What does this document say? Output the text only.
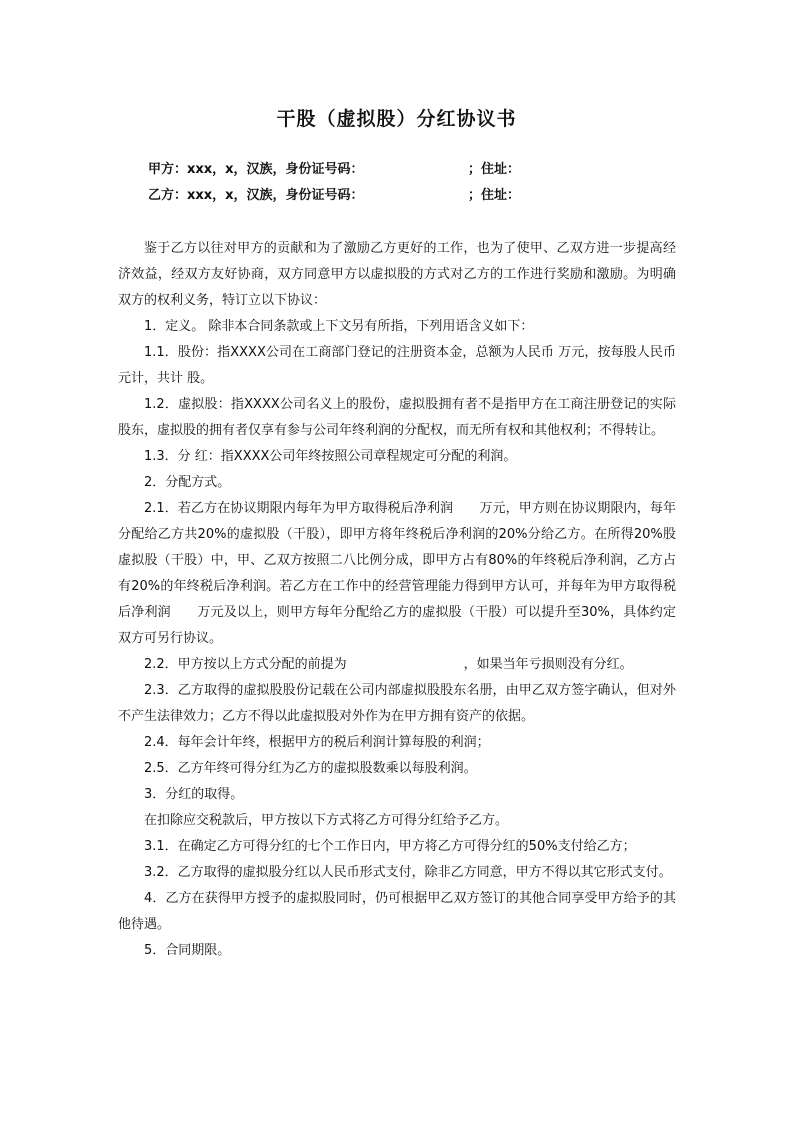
干股（虚拟股）分红协议书
甲方：xxx，x，汉族，身份证号码：	；住址：
乙方：xxx，x，汉族，身份证号码：	；住址：

鉴于乙方以往对甲方的贡献和为了激励乙方更好的工作，也为了使甲、乙双方进一步提高经济效益，经双方友好协商，双方同意甲方以虚拟股的方式对乙方的工作进行奖励和激励。为明确双方的权利义务，特订立以下协议：

1．定义。 除非本合同条款或上下文另有所指，下列用语含义如下：

1.1．股份：指XXXX公司在工商部门登记的注册资本金，总额为人民币 万元，按每股人民币 元计，共计 股。

1.2．虚拟股：指XXXX公司名义上的股份，虚拟股拥有者不是指甲方在工商注册登记的实际股东，虚拟股的拥有者仅享有参与公司年终利润的分配权，而无所有权和其他权利；不得转让。

1.3．分 红：指XXXX公司年终按照公司章程规定可分配的利润。

2．分配方式。

2.1．若乙方在协议期限内每年为甲方取得税后净利润　　万元，甲方则在协议期限内，每年分配给乙方共20%的虚拟股（干股），即甲方将年终税后净利润的20%分给乙方。在所得20%股虚拟股（干股）中，甲、乙双方按照二八比例分成，即甲方占有80%的年终税后净利润，乙方占有20%的年终税后净利润。若乙方在工作中的经营管理能力得到甲方认可，并每年为甲方取得税后净利润　　万元及以上，则甲方每年分配给乙方的虚拟股（干股）可以提升至30%，具体约定双方可另行协议。

2.2．甲方按以上方式分配的前提为　　　　　　　　　，如果当年亏损则没有分红。

2.3．乙方取得的虚拟股股份记载在公司内部虚拟股股东名册，由甲乙双方签字确认，但对外不产生法律效力；乙方不得以此虚拟股对外作为在甲方拥有资产的依据。

2.4．每年会计年终，根据甲方的税后利润计算每股的利润；

2.5．乙方年终可得分红为乙方的虚拟股数乘以每股利润。

3．分红的取得。

在扣除应交税款后，甲方按以下方式将乙方可得分红给予乙方。

3.1．在确定乙方可得分红的七个工作日内，甲方将乙方可得分红的50%支付给乙方；

3.2．乙方取得的虚拟股分红以人民币形式支付，除非乙方同意，甲方不得以其它形式支付。

4．乙方在获得甲方授予的虚拟股同时，仍可根据甲乙双方签订的其他合同享受甲方给予的其他待遇。

5．合同期限。
